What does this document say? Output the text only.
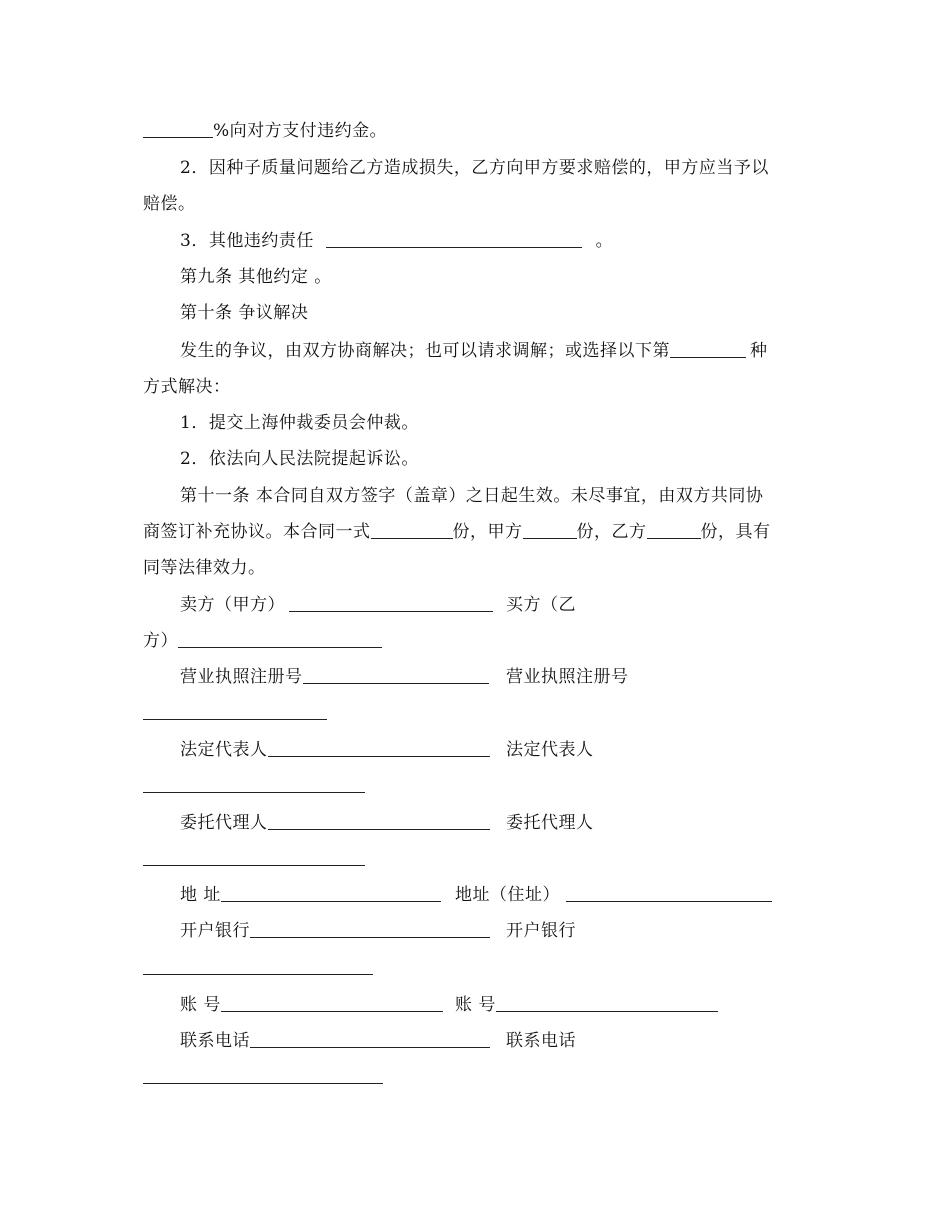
%向对方支付违约金。
2．因种子质量问题给乙方造成损失，乙方向甲方要求赔偿的，甲方应当予以
赔偿。
3．其他违约责任	。
第九条 其他约定 。
第十条 争议解决
发生的争议，由双方协商解决；也可以请求调解；或选择以下第	种
方式解决：
1．提交上海仲裁委员会仲裁。
2．依法向人民法院提起诉讼。
第十一条 本合同自双方签字（盖章）之日起生效。未尽事宜，由双方共同协
商签订补充协议。本合同一式	份，甲方	份，乙方	份，具有
同等法律效力。
卖方（甲方）	买方（乙
方）
营业执照注册号	营业执照注册号
法定代表人	法定代表人
委托代理人	委托代理人
地 址	地址（住址）
开户银行	开户银行
账 号	账 号
联系电话	联系电话
